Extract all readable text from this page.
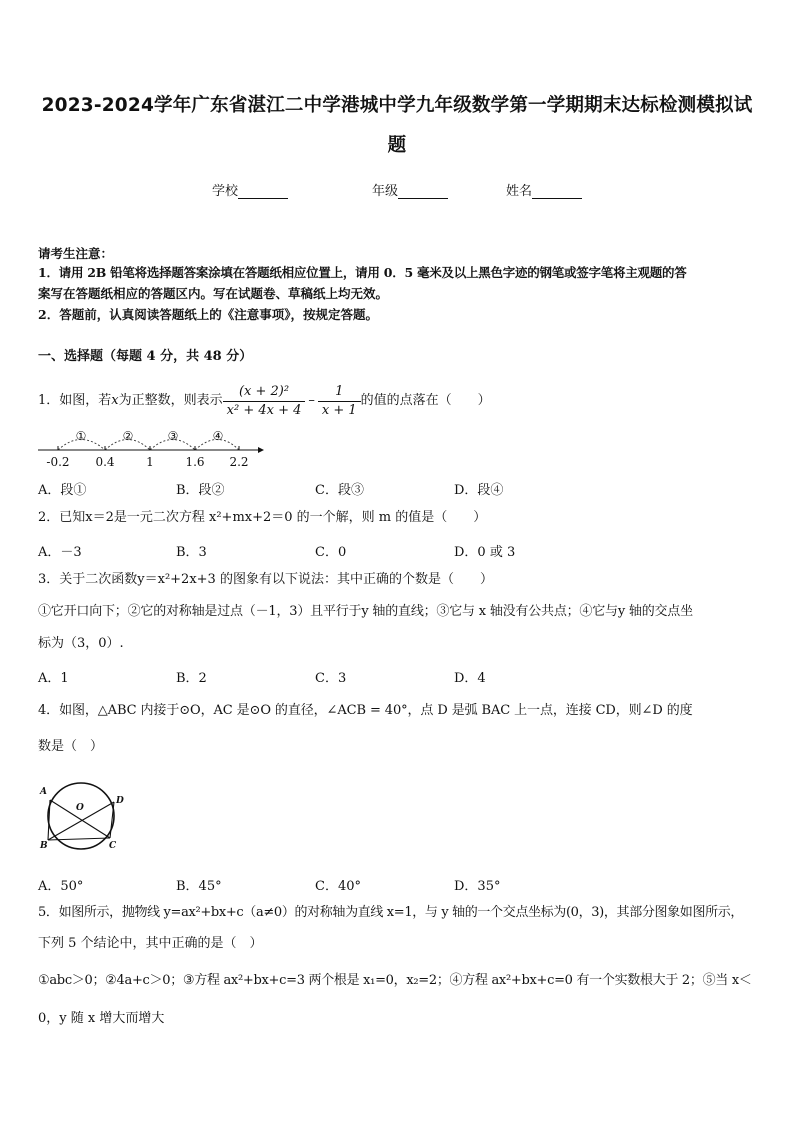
2023-2024学年广东省湛江二中学港城中学九年级数学第一学期期末达标检测模拟试
题
学校	年级	姓名
请考生注意：
1．请用 2B 铅笔将选择题答案涂填在答题纸相应位置上，请用 0．5 毫米及以上黑色字迹的钢笔或签字笔将主观题的答
案写在答题纸相应的答题区内。写在试题卷、草稿纸上均无效。
2．答题前，认真阅读答题纸上的《注意事项》，按规定答题。
一、选择题（每题 4 分，共 48 分）
1．如图，若 x 为正整数，则表示 $\frac{\text{(x + 2)²}}{\text{x² + 4x + 4}} - \frac{1}{x + 1}$ 的值的点落在（　　）
①	②	③	④
-0.2 0.4	1	1.6 2.2
A．段①	B．段②	C．段③	D．段④
2．已知x＝2是一元二次方程 x²+mx+2＝0 的一个解，则 m 的值是（　　）
A．－3	B．3	C．0	D．0 或 3
3．关于二次函数y＝x²+2x+3 的图象有以下说法：其中正确的个数是（　　）
①它开口向下；②它的对称轴是过点（－1，3）且平行于y 轴的直线；③它与 x 轴没有公共点；④它与y 轴的交点坐
标为（3，0）.
A．1	B．2	C．3	D．4
4．如图，△ABC 内接于⊙O，AC 是⊙O 的直径，∠ACB = 40°，点 D 是弧 BAC 上一点，连接 CD，则∠D 的度
数是（　）
A
O
D
B	C
A．50°	B．45°	C．40°	D．35°
5．如图所示，抛物线 y=ax²+bx+c（a≠0）的对称轴为直线 x=1，与 y 轴的一个交点坐标为(0，3)，其部分图象如图所示，
下列 5 个结论中，其中正确的是（　）
①abc＞0；②4a+c＞0；③方程 ax²+bx+c=3 两个根是 x₁=0，x₂=2；④方程 ax²+bx+c=0 有一个实数根大于 2；⑤当 x＜
0，y 随 x 增大而增大
